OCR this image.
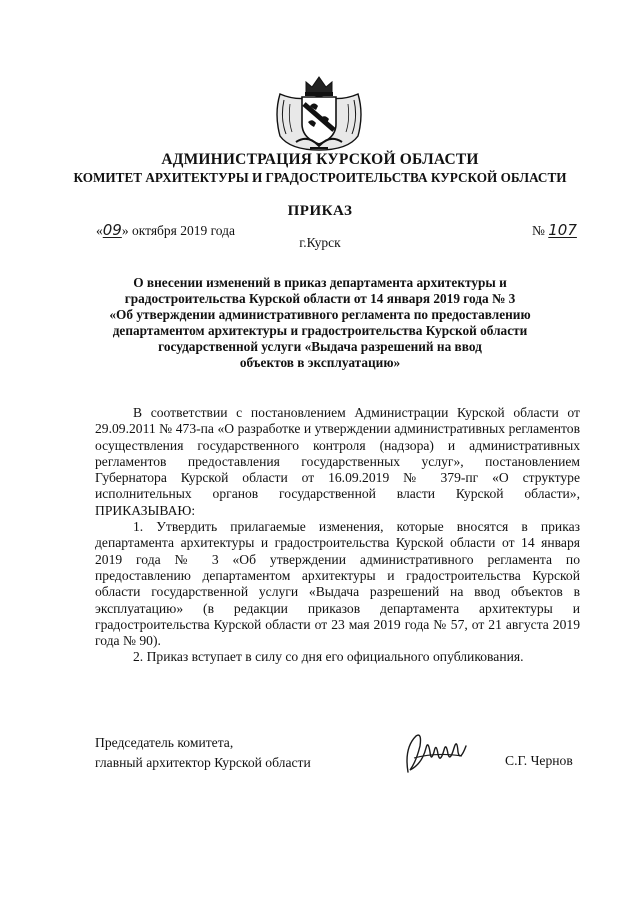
АДМИНИСТРАЦИЯ КУРСКОЙ ОБЛАСТИ
КОМИТЕТ АРХИТЕКТУРЫ И ГРАДОСТРОИТЕЛЬСТВА КУРСКОЙ ОБЛАСТИ
ПРИКАЗ
«09» октября 2019 года	№ 107
г.Курск
О внесении изменений в приказ департамента архитектуры и
градостроительства Курской области от 14 января 2019 года № 3
«Об утверждении административного регламента по предоставлению
департаментом архитектуры и градостроительства Курской области
государственной услуги «Выдача разрешений на ввод
объектов в эксплуатацию»

В соответствии с постановлением Администрации Курской области от 29.09.2011 № 473-па «О разработке и утверждении административных регламентов осуществления государственного контроля (надзора) и административных регламентов предоставления государственных услуг», постановлением Губернатора Курской области от 16.09.2019 № 379-пг «О структуре исполнительных органов государственной власти Курской области», ПРИКАЗЫВАЮ:

1. Утвердить прилагаемые изменения, которые вносятся в приказ департамента архитектуры и градостроительства Курской области от 14 января 2019 года № 3 «Об утверждении административного регламента по предоставлению департаментом архитектуры и градостроительства Курской области государственной услуги «Выдача разрешений на ввод объектов в эксплуатацию» (в редакции приказов департамента архитектуры и градостроительства Курской области от 23 мая 2019 года № 57, от 21 августа 2019 года № 90).

2. Приказ вступает в силу со дня его официального опубликования.

Председатель комитета,
главный архитектор Курской области	С.Г. Чернов
